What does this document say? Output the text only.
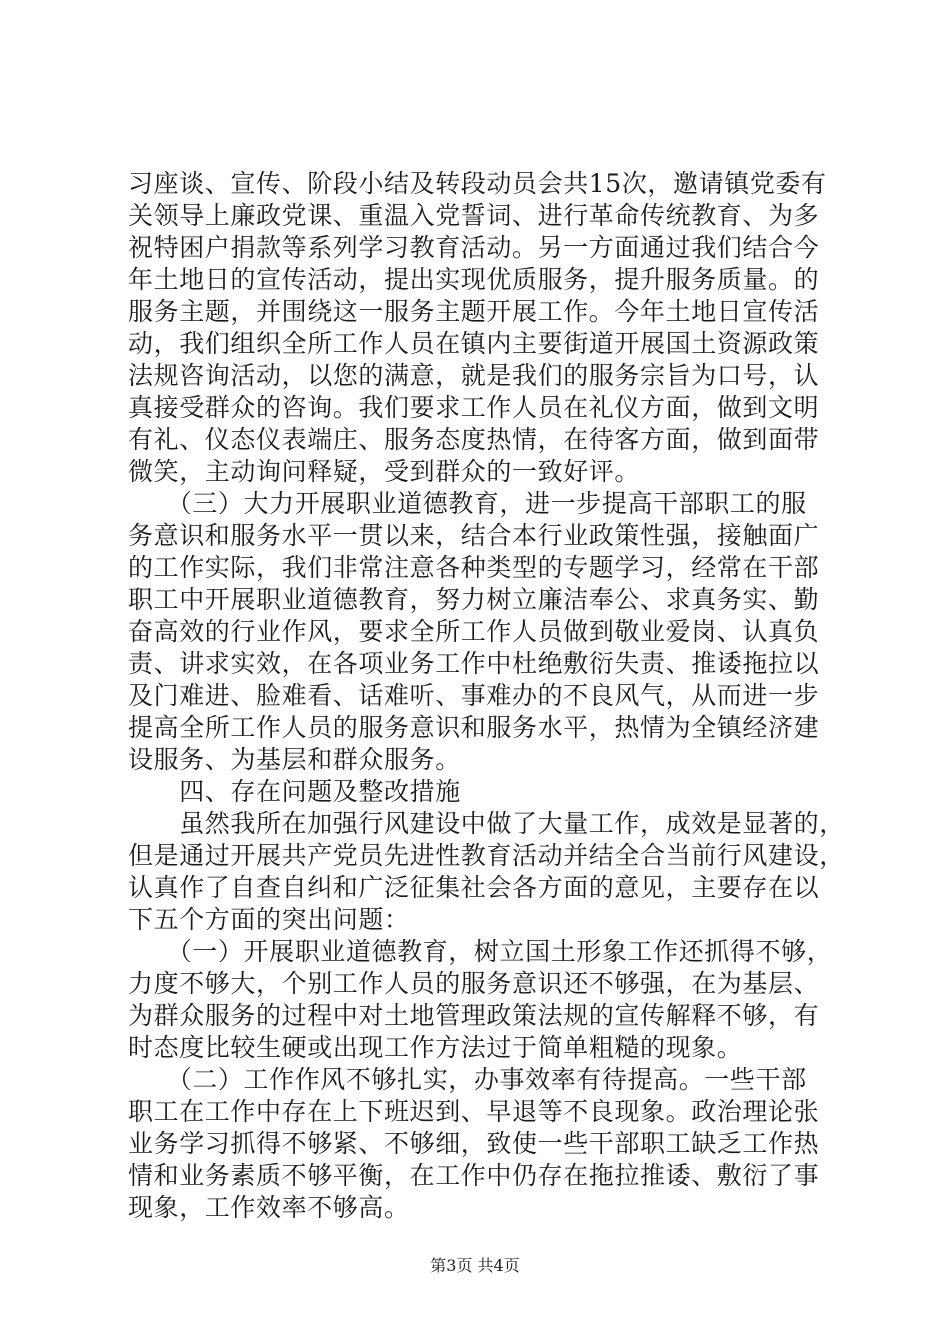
习座谈、宣传、阶段小结及转段动员会共15次，邀请镇党委有
关领导上廉政党课、重温入党誓词、进行革命传统教育、为多
祝特困户捐款等系列学习教育活动。另一方面通过我们结合今
年土地日的宣传活动，提出实现优质服务，提升服务质量。的
服务主题，并围绕这一服务主题开展工作。今年土地日宣传活
动，我们组织全所工作人员在镇内主要街道开展国土资源政策
法规咨询活动，以您的满意，就是我们的服务宗旨为口号，认
真接受群众的咨询。我们要求工作人员在礼仪方面，做到文明
有礼、仪态仪表端庄、服务态度热情，在待客方面，做到面带
微笑，主动询问释疑，受到群众的一致好评。
　　（三）大力开展职业道德教育，进一步提高干部职工的服
务意识和服务水平一贯以来，结合本行业政策性强，接触面广
的工作实际，我们非常注意各种类型的专题学习，经常在干部
职工中开展职业道德教育，努力树立廉洁奉公、求真务实、勤
奋高效的行业作风，要求全所工作人员做到敬业爱岗、认真负
责、讲求实效，在各项业务工作中杜绝敷衍失责、推诿拖拉以
及门难进、脸难看、话难听、事难办的不良风气，从而进一步
提高全所工作人员的服务意识和服务水平，热情为全镇经济建
设服务、为基层和群众服务。
　　四、存在问题及整改措施
　　虽然我所在加强行风建设中做了大量工作，成效是显著的，
但是通过开展共产党员先进性教育活动并结全合当前行风建设，
认真作了自查自纠和广泛征集社会各方面的意见，主要存在以
下五个方面的突出问题：
　　（一）开展职业道德教育，树立国土形象工作还抓得不够，
力度不够大，个别工作人员的服务意识还不够强，在为基层、
为群众服务的过程中对土地管理政策法规的宣传解释不够，有
时态度比较生硬或出现工作方法过于简单粗糙的现象。
　　（二）工作作风不够扎实，办事效率有待提高。一些干部
职工在工作中存在上下班迟到、早退等不良现象。政治理论张
业务学习抓得不够紧、不够细，致使一些干部职工缺乏工作热
情和业务素质不够平衡，在工作中仍存在拖拉推诿、敷衍了事
现象，工作效率不够高。
第3页 共4页
